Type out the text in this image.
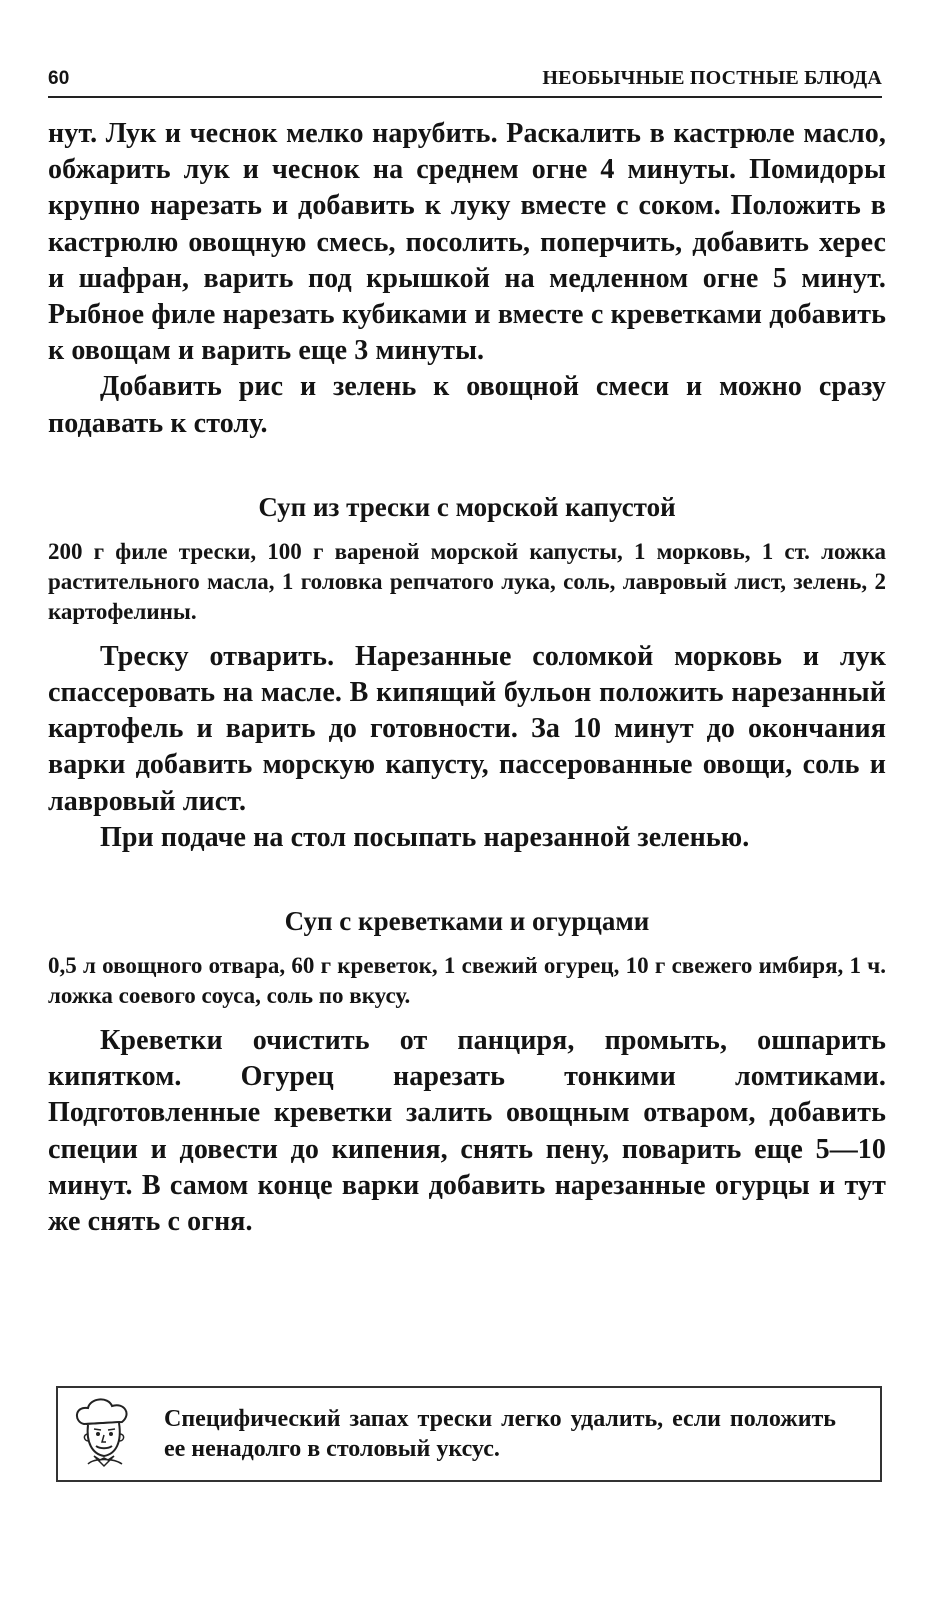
60	НЕОБЫЧНЫЕ ПОСТНЫЕ БЛЮДА

нут. Лук и чеснок мелко нарубить. Раскалить в кастрюле масло, обжарить лук и чеснок на среднем огне 4 минуты. Помидоры крупно нарезать и добавить к луку вместе с соком. Положить в кастрюлю овощную смесь, посолить, поперчить, добавить херес и шафран, варить под крышкой на медленном огне 5 минут. Рыбное филе нарезать кубиками и вместе с креветками добавить к овощам и варить еще 3 минуты.

Добавить рис и зелень к овощной смеси и можно сразу подавать к столу.

Суп из трески с морской капустой

200 г филе трески, 100 г вареной морской капусты, 1 морковь, 1 ст. ложка растительного масла, 1 головка репчатого лука, соль, лавровый лист, зелень, 2 картофелины.

Треску отварить. Нарезанные соломкой морковь и лук спассеровать на масле. В кипящий бульон положить нарезанный картофель и варить до готовности. За 10 минут до окончания варки добавить морскую капусту, пассерованные овощи, соль и лавровый лист.

При подаче на стол посыпать нарезанной зеленью.

Суп с креветками и огурцами

0,5 л овощного отвара, 60 г креветок, 1 свежий огурец, 10 г свежего имбиря, 1 ч. ложка соевого соуса, соль по вкусу.

Креветки очистить от панциря, промыть, ошпарить кипятком. Огурец нарезать тонкими ломтиками. Подготовленные креветки залить овощным отваром, добавить специи и довести до кипения, снять пену, поварить еще 5—10 минут. В самом конце варки добавить нарезанные огурцы и тут же снять с огня.

Специфический запах трески легко удалить, если положить ее ненадолго в столовый уксус.
